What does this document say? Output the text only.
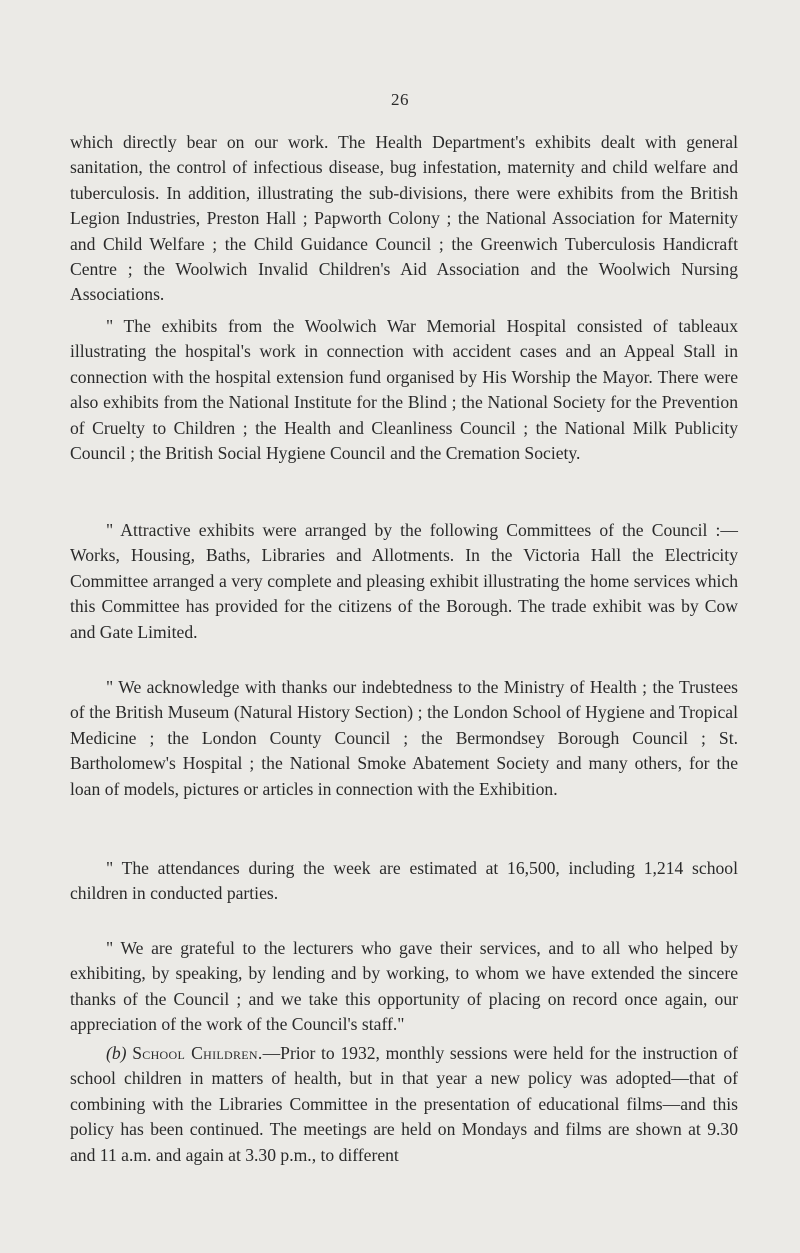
26

which directly bear on our work. The Health Department's exhibits dealt with general sanitation, the control of infectious disease, bug infestation, maternity and child welfare and tuberculosis. In addition, illustrating the sub-divisions, there were exhibits from the British Legion Industries, Preston Hall ; Papworth Colony ; the National Association for Maternity and Child Welfare ; the Child Guidance Council ; the Greenwich Tuberculosis Handicraft Centre ; the Woolwich Invalid Children's Aid Association and the Woolwich Nursing Associations.

" The exhibits from the Woolwich War Memorial Hospital consisted of tableaux illustrating the hospital's work in connection with accident cases and an Appeal Stall in connection with the hospital extension fund organised by His Worship the Mayor. There were also exhibits from the National Institute for the Blind ; the National Society for the Prevention of Cruelty to Children ; the Health and Cleanliness Council ; the National Milk Publicity Council ; the British Social Hygiene Council and the Cremation Society.

" Attractive exhibits were arranged by the following Committees of the Council :—Works, Housing, Baths, Libraries and Allotments. In the Victoria Hall the Electricity Committee arranged a very complete and pleasing exhibit illustrating the home services which this Committee has provided for the citizens of the Borough. The trade exhibit was by Cow and Gate Limited.

" We acknowledge with thanks our indebtedness to the Ministry of Health ; the Trustees of the British Museum (Natural History Section) ; the London School of Hygiene and Tropical Medicine ; the London County Council ; the Bermondsey Borough Council ; St. Bartholomew's Hospital ; the National Smoke Abatement Society and many others, for the loan of models, pictures or articles in connection with the Exhibition.

" The attendances during the week are estimated at 16,500, including 1,214 school children in conducted parties.

" We are grateful to the lecturers who gave their services, and to all who helped by exhibiting, by speaking, by lending and by working, to whom we have extended the sincere thanks of the Council ; and we take this opportunity of placing on record once again, our appreciation of the work of the Council's staff."

(b) School Children.—Prior to 1932, monthly sessions were held for the instruction of school children in matters of health, but in that year a new policy was adopted—that of combining with the Libraries Committee in the presentation of educational films—and this policy has been continued. The meetings are held on Mondays and films are shown at 9.30 and 11 a.m. and again at 3.30 p.m., to different
